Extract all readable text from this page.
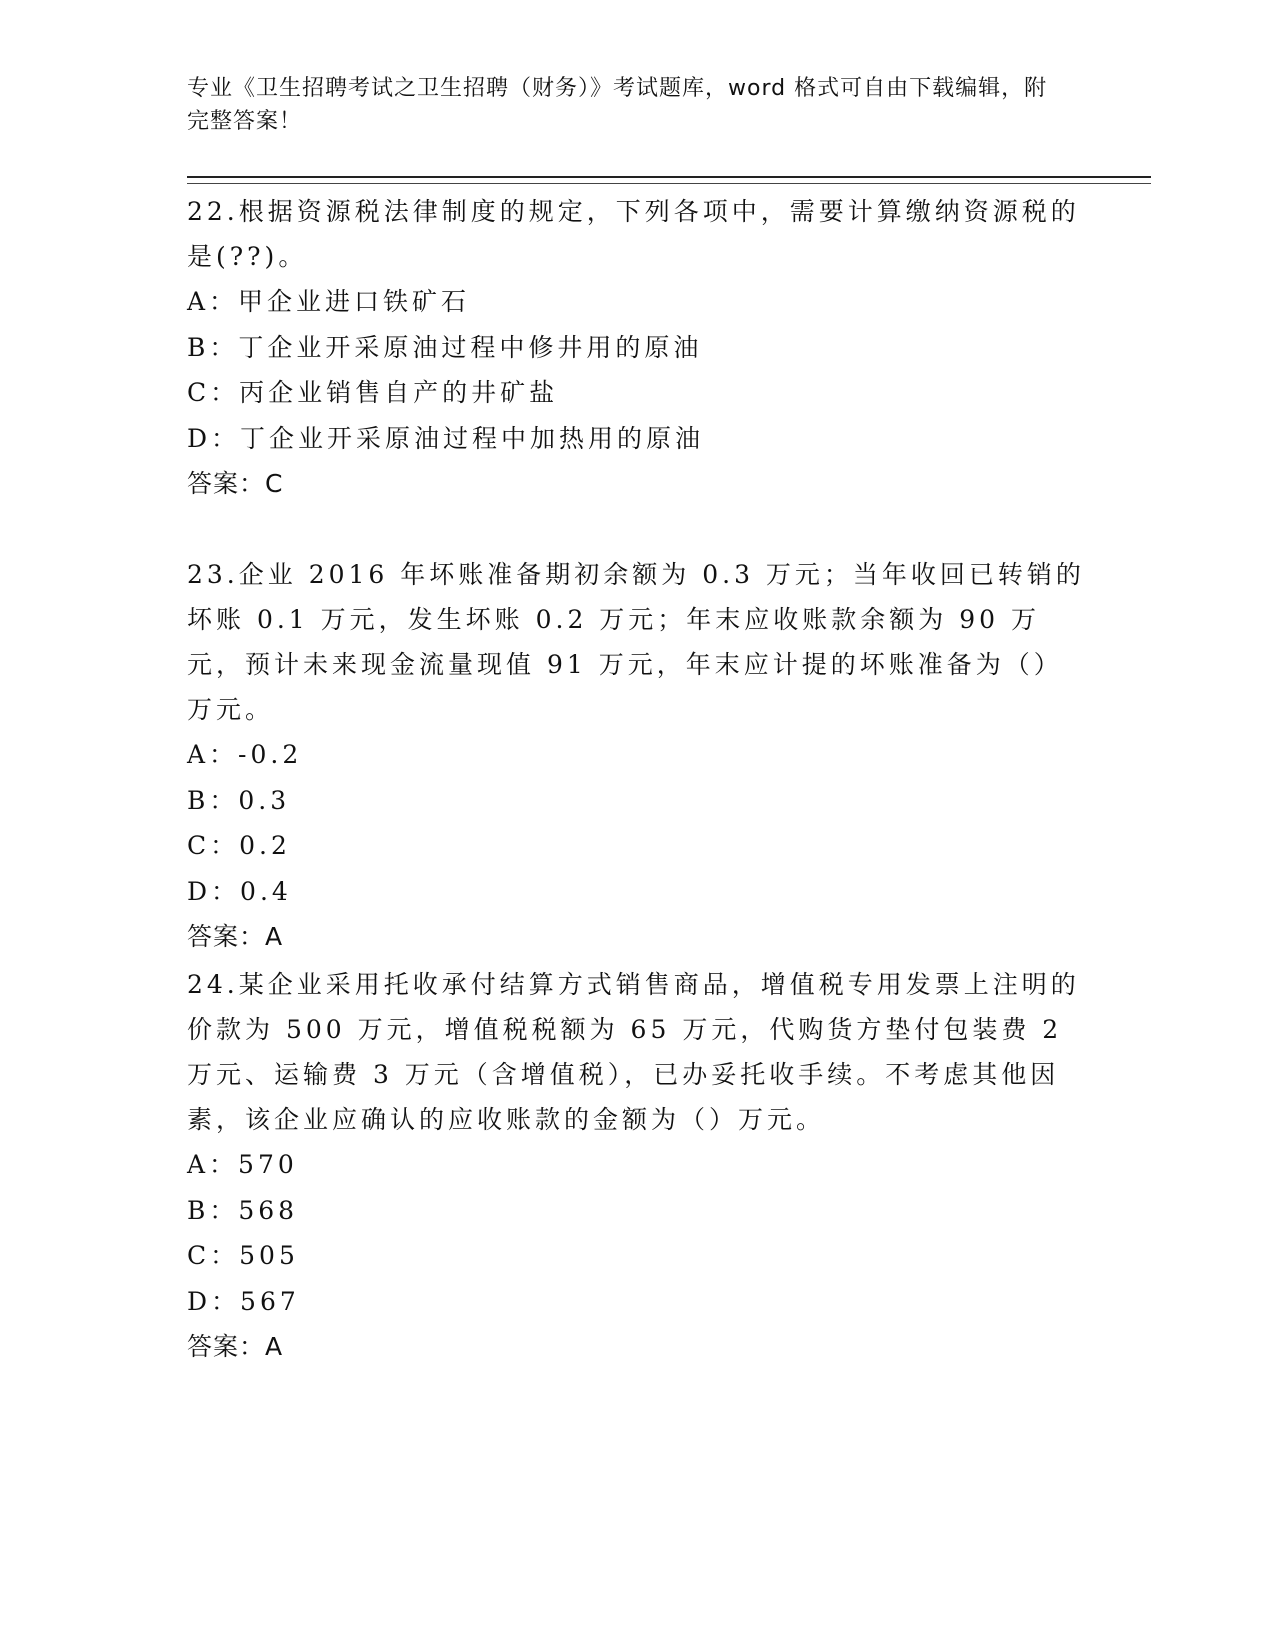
专业《卫生招聘考试之卫生招聘（财务）》考试题库，word 格式可自由下载编辑，附完整答案！
22.根据资源税法律制度的规定，下列各项中，需要计算缴纳资源税的是(??)。
A：甲企业进口铁矿石
B：丁企业开采原油过程中修井用的原油
C：丙企业销售自产的井矿盐
D：丁企业开采原油过程中加热用的原油
答案：C
23.企业 2016 年坏账准备期初余额为 0.3 万元；当年收回已转销的坏账 0.1 万元，发生坏账 0.2 万元；年末应收账款余额为 90 万元，预计未来现金流量现值 91 万元，年末应计提的坏账准备为（）万元。
A：-0.2
B：0.3
C：0.2
D：0.4
答案：A
24.某企业采用托收承付结算方式销售商品，增值税专用发票上注明的价款为 500 万元，增值税税额为 65 万元，代购货方垫付包装费 2 万元、运输费 3 万元（含增值税），已办妥托收手续。不考虑其他因素，该企业应确认的应收账款的金额为（）万元。
A：570
B：568
C：505
D：567
答案：A
